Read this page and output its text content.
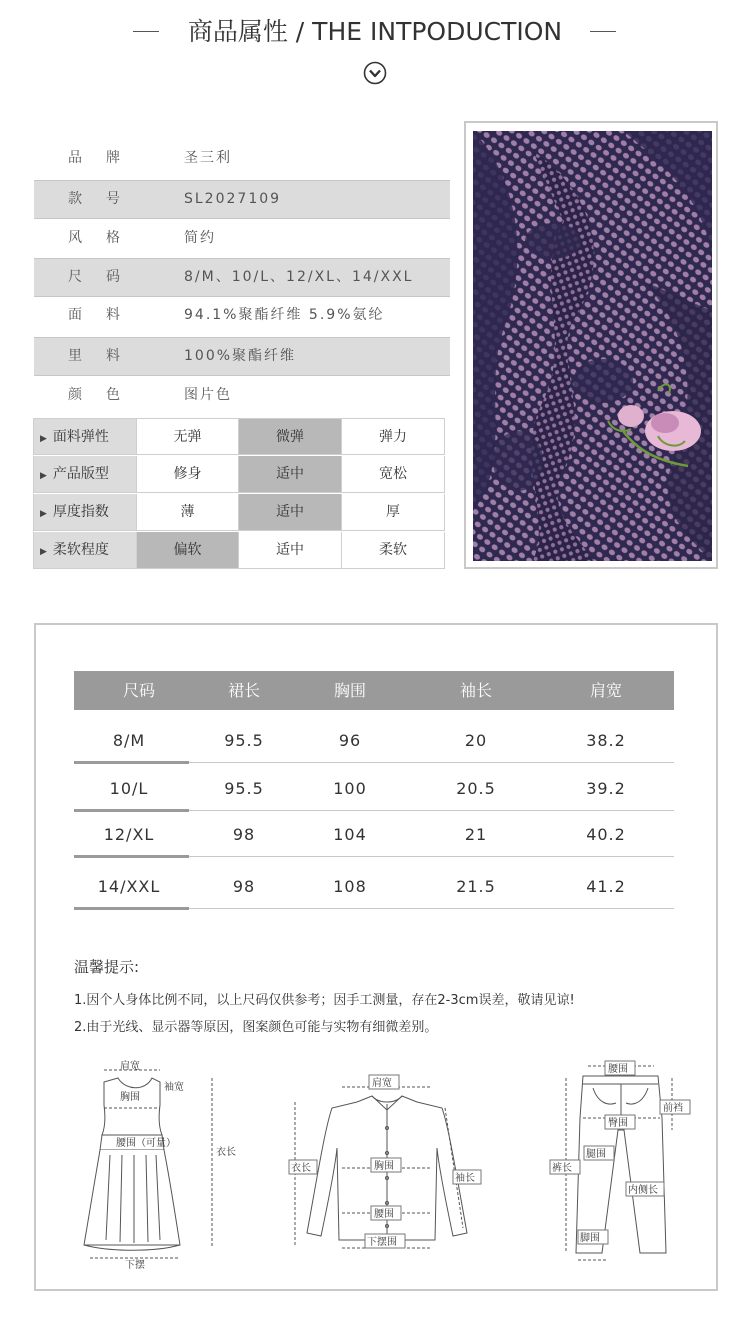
商品属性 / THE INTPODUCTION
品牌	圣三利
款号	SL2027109
风格	简约
尺码	8/M、10/L、12/XL、14/XXL
面料	94.1%聚酯纤维 5.9%氨纶
里料	100%聚酯纤维
颜色	图片色
▶ 面料弹性	无弹	微弹	弹力
▶ 产品版型	修身	适中	宽松
▶ 厚度指数	薄	适中	厚
▶ 柔软程度	偏软	适中	柔软
尺码	裙长	胸围	袖长	肩宽
8/M	95.5	96	20	38.2
10/L	95.5	100	20.5	39.2
12/XL	98	104	21	40.2
14/XXL	98	108	21.5	41.2
温馨提示:
1.因个人身体比例不同，以上尺码仅供参考；因手工测量，存在2-3cm误差，敬请见谅!
2.由于光线、显示器等原因，图案颜色可能与实物有细微差别。
肩宽
胸围
袖宽
腰围（可量）
衣长
下摆
肩宽
衣长	胸围
袖长
腰围
下摆围
腰围
前裆
臀围
裤长
腿围
内侧长
脚围
